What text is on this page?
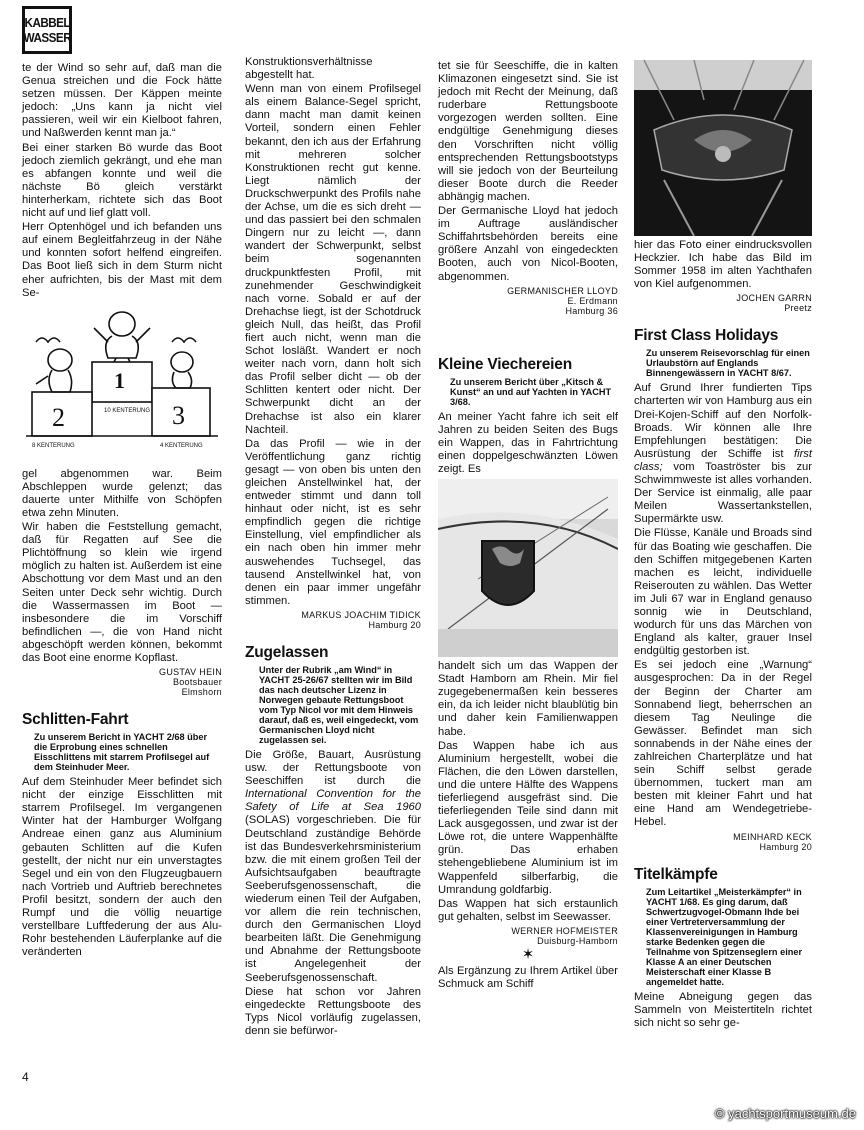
KABBEL
WASSER

te der Wind so sehr auf, daß man die Genua streichen und die Fock hätte setzen müssen. Der Käppen meinte jedoch: „Uns kann ja nicht viel passieren, weil wir ein Kielboot fahren, und Naßwerden kennt man ja.“

Bei einer starken Bö wurde das Boot jedoch ziemlich gekrängt, und ehe man es abfangen konnte und weil die nächste Bö gleich verstärkt hinterherkam, richtete sich das Boot nicht auf und lief glatt voll.

Herr Optenhögel und ich befanden uns auf einem Begleitfahrzeug in der Nähe und konnten sofort helfend eingreifen. Das Boot ließ sich in dem Sturm nicht eher aufrichten, bis der Mast mit dem Se-

1
2	3
10 KENTERUNG
8 KENTERUNG	4 KENTERUNG

gel abgenommen war. Beim Abschleppen wurde gelenzt; das dauerte unter Mithilfe von Schöpfen etwa zehn Minuten.

Wir haben die Feststellung gemacht, daß für Regatten auf See die Plichtöffnung so klein wie irgend möglich zu halten ist. Außerdem ist eine Abschottung vor dem Mast und an den Seiten unter Deck sehr wichtig. Durch die Wassermassen im Boot — insbesondere die im Vorschiff befindlichen —, die von Hand nicht abgeschöpft werden können, bekommt das Boot eine enorme Kopflast.

GUSTAV HEIN
Bootsbauer
Elmshorn
Schlitten-Fahrt

Zu unserem Bericht in YACHT 2/68 über die Erprobung eines schnellen Eisschlittens mit starrem Profilsegel auf dem Steinhuder Meer.

Auf dem Steinhuder Meer befindet sich nicht der einzige Eisschlitten mit starrem Profilsegel. Im vergangenen Winter hat der Hamburger Wolfgang Andreae einen ganz aus Aluminium gebauten Schlitten auf die Kufen gestellt, der nicht nur ein unverstagtes Segel und ein von den Flugzeugbauern nach Vortrieb und Auftrieb berechnetes Profil besitzt, sondern der auch den Rumpf und die völlig neuartige verstellbare Luftfederung der aus Alu-Rohr bestehenden Läuferplanke auf die veränderten

Konstruktionsverhältnisse abgestellt hat.

Wenn man von einem Profilsegel als einem Balance-Segel spricht, dann macht man damit keinen Vorteil, sondern einen Fehler bekannt, den ich aus der Erfahrung mit mehreren solcher Konstruktionen recht gut kenne. Liegt nämlich der Druckschwerpunkt des Profils nahe der Achse, um die es sich dreht — und das passiert bei den schmalen Dingern nur zu leicht —, dann wandert der Schwerpunkt, selbst beim sogenannten druckpunktfesten Profil, mit zunehmender Geschwindigkeit nach vorne. Sobald er auf der Drehachse liegt, ist der Schotdruck gleich Null, das heißt, das Profil fiert auch nicht, wenn man die Schot losläßt. Wandert er noch weiter nach vorn, dann holt sich das Profil selber dicht — ob der Schlitten kentert oder nicht. Der Schwerpunkt dicht an der Drehachse ist also ein klarer Nachteil.

Da das Profil — wie in der Veröffentlichung ganz richtig gesagt — von oben bis unten den gleichen Anstellwinkel hat, der entweder stimmt und dann toll hinhaut oder nicht, ist es sehr empfindlich gegen die richtige Einstellung, viel empfindlicher als ein nach oben hin immer mehr auswehendes Tuchsegel, das tausend Anstellwinkel hat, von denen ein paar immer ungefähr stimmen.

MARKUS JOACHIM TIDICK
Hamburg 20
Zugelassen

Unter der Rubrik „am Wind“ in YACHT 25-26/67 stellten wir im Bild das nach deutscher Lizenz in Norwegen gebaute Rettungsboot vom Typ Nicol vor mit dem Hinweis darauf, daß es, weil eingedeckt, vom Germanischen Lloyd nicht zugelassen sei.

Die Größe, Bauart, Ausrüstung usw. der Rettungsboote von Seeschiffen ist durch die International Convention for the Safety of Life at Sea 1960 (SOLAS) vorgeschrieben. Die für Deutschland zuständige Behörde ist das Bundesverkehrsministerium bzw. die mit einem großen Teil der Aufsichtsaufgaben beauftragte Seeberufsgenossenschaft, die wiederum einen Teil der Aufgaben, vor allem die rein technischen, durch den Germanischen Lloyd bearbeiten läßt. Die Genehmigung und Abnahme der Rettungsboote ist Angelegenheit der Seeberufsgenossenschaft.

Diese hat schon vor Jahren eingedeckte Rettungsboote des Typs Nicol vorläufig zugelassen, denn sie befürwor-

tet sie für Seeschiffe, die in kalten Klimazonen eingesetzt sind. Sie ist jedoch mit Recht der Meinung, daß ruderbare Rettungsboote vorgezogen werden sollten. Eine endgültige Genehmigung dieses den Vorschriften nicht völlig entsprechenden Rettungsbootstyps will sie jedoch von der Beurteilung dieser Boote durch die Reeder abhängig machen.

Der Germanische Lloyd hat jedoch im Auftrage ausländischer Schiffahrtsbehörden bereits eine größere Anzahl von eingedeckten Booten, auch von Nicol-Booten, abgenommen.

GERMANISCHER LLOYD
E. Erdmann
Hamburg 36
Kleine Viechereien

Zu unserem Bericht über „Kitsch & Kunst“ an und auf Yachten in YACHT 3/68.

An meiner Yacht fahre ich seit elf Jahren zu beiden Seiten des Bugs ein Wappen, das in Fahrtrichtung einen doppelgeschwänzten Löwen zeigt. Es

handelt sich um das Wappen der Stadt Hamborn am Rhein. Mir fiel zugegebenermaßen kein besseres ein, da ich leider nicht blaublütig bin und daher kein Familienwappen habe.

Das Wappen habe ich aus Aluminium hergestellt, wobei die Flächen, die den Löwen darstellen, und die untere Hälfte des Wappens tieferliegend ausgefräst sind. Die tieferliegenden Teile sind dann mit Lack ausgegossen, und zwar ist der Löwe rot, die untere Wappenhälfte grün. Das erhaben stehengebliebene Aluminium ist im Wappenfeld silberfarbig, die Umrandung goldfarbig.

Das Wappen hat sich erstaunlich gut gehalten, selbst im Seewasser.

WERNER HOFMEISTER
Duisburg-Hamborn

✶

Als Ergänzung zu Ihrem Artikel über Schmuck am Schiff

hier das Foto einer eindrucksvollen Heckzier. Ich habe das Bild im Sommer 1958 im alten Yachthafen von Kiel aufgenommen.

JOCHEN GARRN
Preetz
First Class Holidays

Zu unserem Reisevorschlag für einen Urlaubstörn auf Englands Binnengewässern in YACHT 8/67.

Auf Grund Ihrer fundierten Tips charterten wir von Hamburg aus ein Drei-Kojen-Schiff auf den Norfolk-Broads. Wir können alle Ihre Empfehlungen bestätigen: Die Ausrüstung der Schiffe ist first class; vom Toaströster bis zur Schwimmweste ist alles vorhanden. Der Service ist einmalig, alle paar Meilen Wassertankstellen, Supermärkte usw.

Die Flüsse, Kanäle und Broads sind für das Boating wie geschaffen. Die den Schiffen mitgegebenen Karten machen es leicht, individuelle Reiserouten zu wählen. Das Wetter im Juli 67 war in England genauso sonnig wie in Deutschland, wodurch für uns das Märchen von England als kalter, grauer Insel endgültig gestorben ist.

Es sei jedoch eine „Warnung“ ausgesprochen: Da in der Regel der Beginn der Charter am Sonnabend liegt, beherrschen an diesem Tag Neulinge die Gewässer. Befindet man sich sonnabends in der Nähe eines der zahlreichen Charterplätze und hat sein Schiff selbst gerade übernommen, tuckert man am besten mit kleiner Fahrt und hat eine Hand am Wendegetriebe-Hebel.

MEINHARD KECK
Hamburg 20
Titelkämpfe

Zum Leitartikel „Meisterkämpfer“ in YACHT 1/68. Es ging darum, daß Schwertzugvogel-Obmann Ihde bei einer Vertreterversammlung der Klassenvereinigungen in Hamburg starke Bedenken gegen die Teilnahme von Spitzenseglern einer Klasse A an einer Deutschen Meisterschaft einer Klasse B angemeldet hatte.

Meine Abneigung gegen das Sammeln von Meistertiteln richtet sich nicht so sehr ge-

4
© yachtsportmuseum.de
